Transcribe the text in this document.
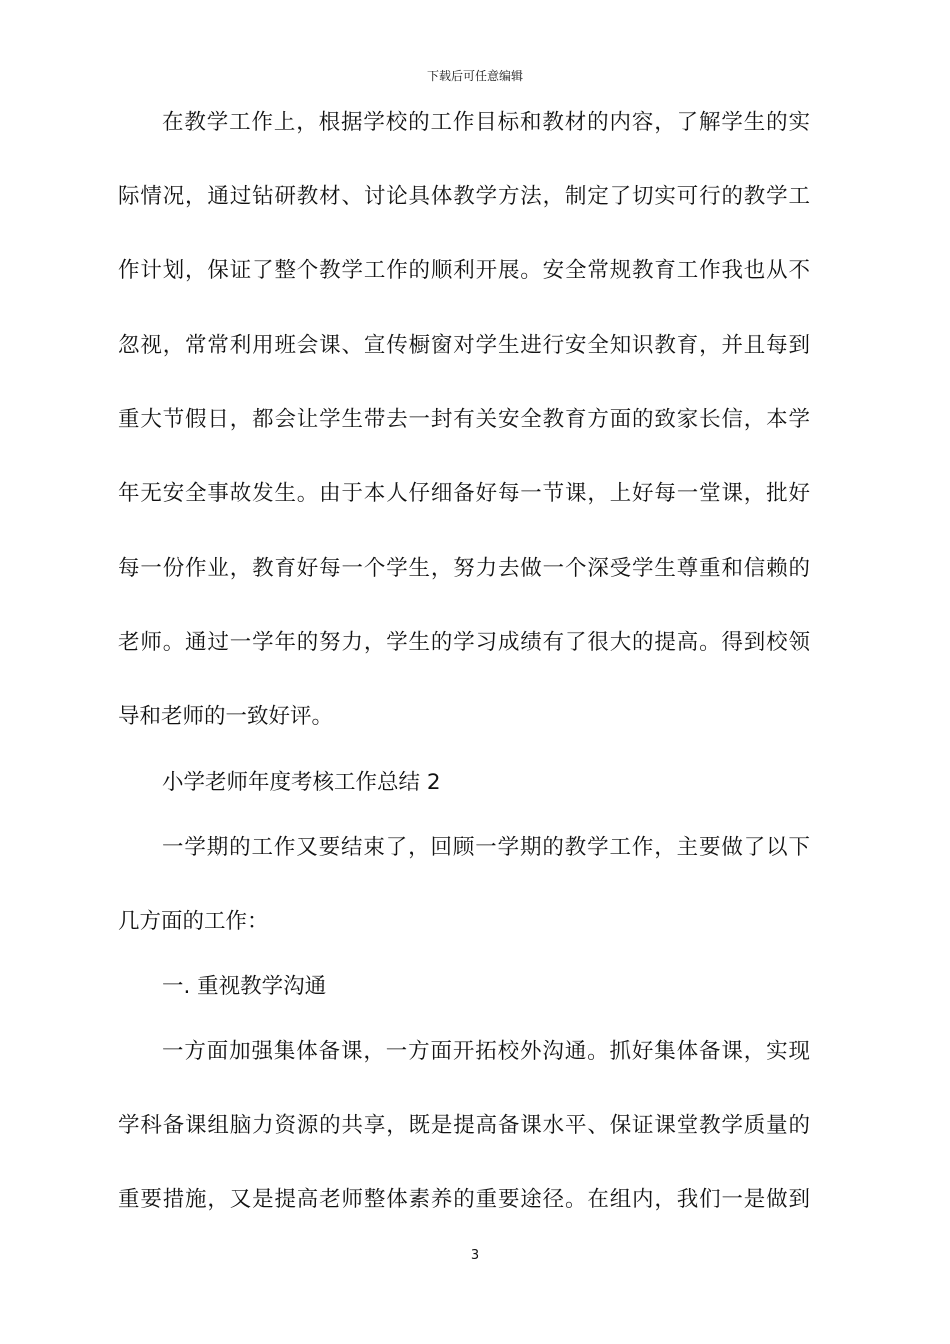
下载后可任意编辑
在教学工作上，根据学校的工作目标和教材的内容，了解学生的实
际情况，通过钻研教材、讨论具体教学方法，制定了切实可行的教学工
作计划，保证了整个教学工作的顺利开展。安全常规教育工作我也从不
忽视，常常利用班会课、宣传橱窗对学生进行安全知识教育，并且每到
重大节假日，都会让学生带去一封有关安全教育方面的致家长信，本学
年无安全事故发生。由于本人仔细备好每一节课，上好每一堂课，批好
每一份作业，教育好每一个学生，努力去做一个深受学生尊重和信赖的
老师。通过一学年的努力，学生的学习成绩有了很大的提高。得到校领
导和老师的一致好评。
小学老师年度考核工作总结 2
一学期的工作又要结束了，回顾一学期的教学工作，主要做了以下
几方面的工作：
一. 重视教学沟通
一方面加强集体备课，一方面开拓校外沟通。抓好集体备课，实现
学科备课组脑力资源的共享，既是提高备课水平、保证课堂教学质量的
重要措施，又是提高老师整体素养的重要途径。在组内，我们一是做到
3
